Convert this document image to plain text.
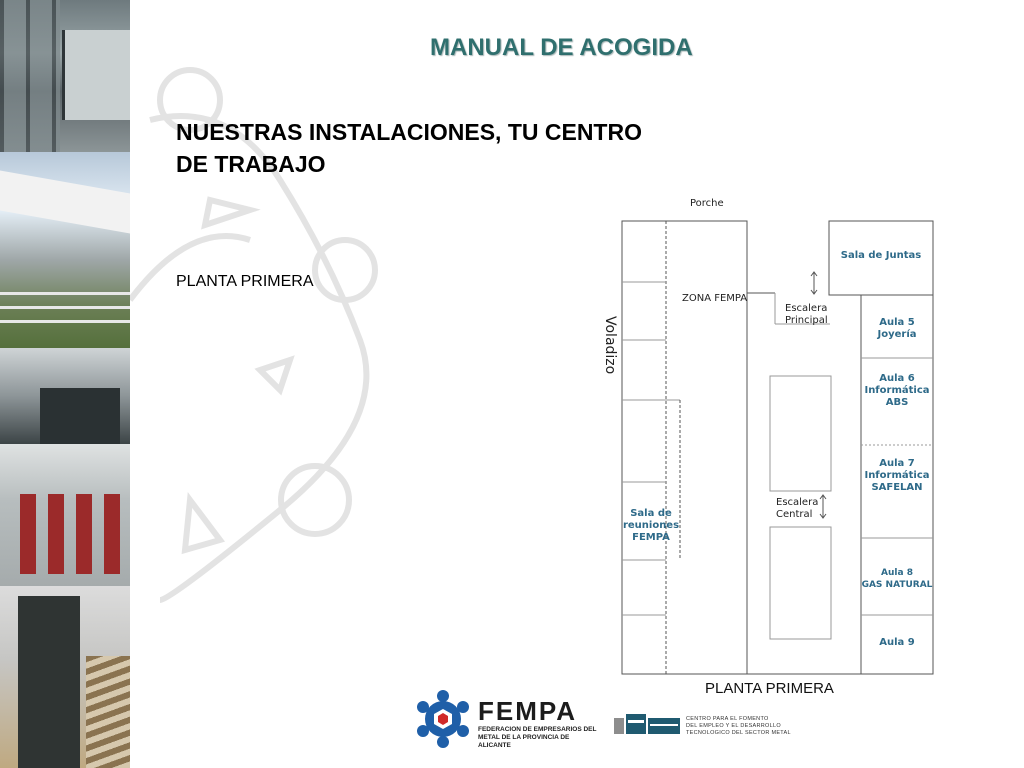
MANUAL DE ACOGIDA
NUESTRAS INSTALACIONES, TU CENTRO
DE TRABAJO
PLANTA PRIMERA
Porche
Voladizo
ZONA FEMPA
Escalera
Principal
Escalera
Central
Sala de Juntas
Aula 5
Joyería
Aula 6
Informática
ABS
Aula 7
Informática
SAFELAN
Aula 8
GAS NATURAL
Aula 9
Sala de
reuniones
FEMPA
PLANTA PRIMERA
FEMPA
FEDERACION DE EMPRESARIOS DEL
METAL DE LA PROVINCIA DE ALICANTE
CENTRO PARA EL FOMENTO
DEL EMPLEO Y EL DESARROLLO
TECNOLOGICO DEL SECTOR METAL
